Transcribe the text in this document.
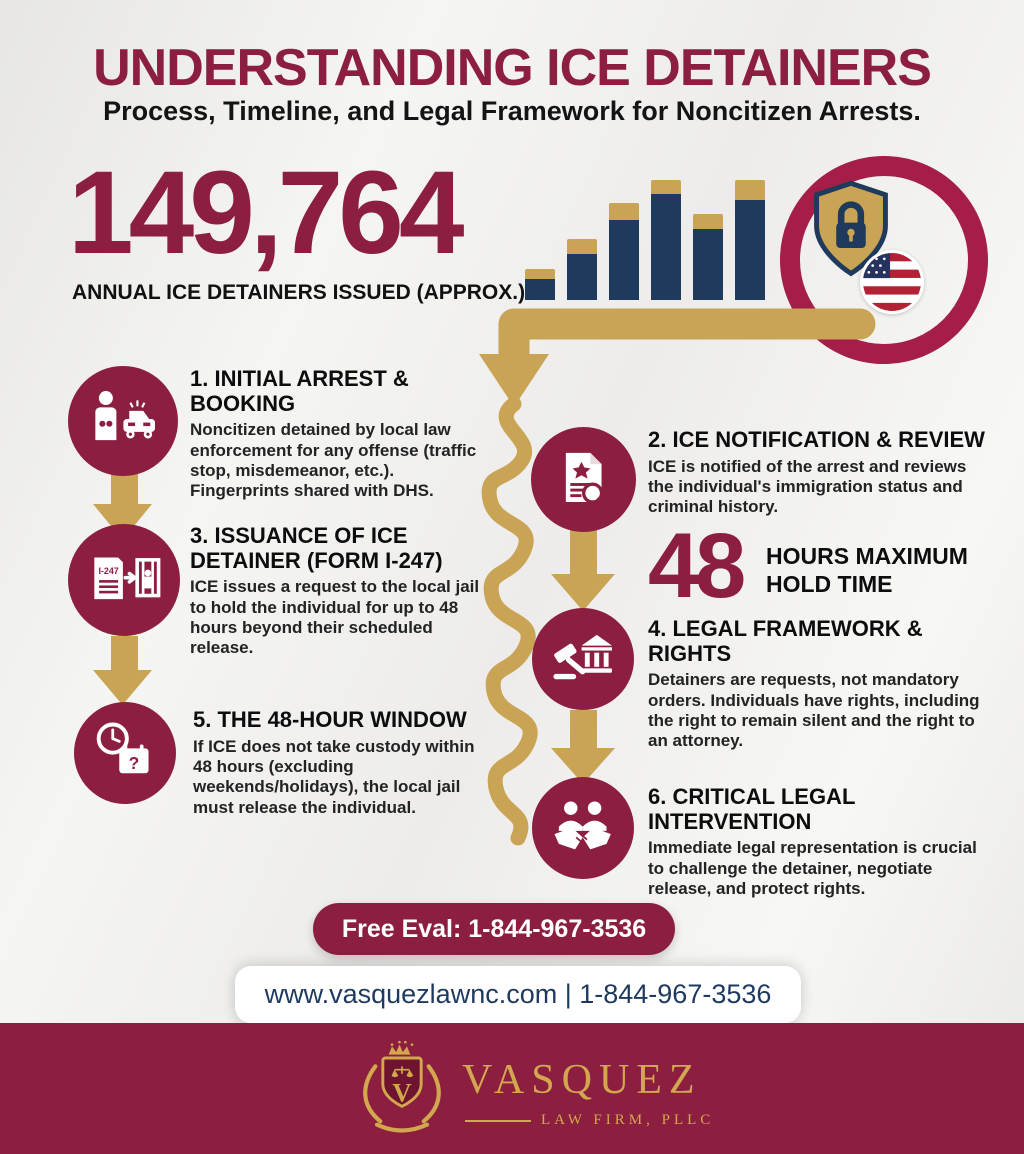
UNDERSTANDING ICE DETAINERS
Process, Timeline, and Legal Framework for Noncitizen Arrests.
149,764
ANNUAL ICE DETAINERS ISSUED (APPROX.)
I-247
?
1. INITIAL ARREST & BOOKING
Noncitizen detained by local law enforcement for any offense (traffic stop, misdemeanor, etc.). Fingerprints shared with DHS.
2. ICE NOTIFICATION & REVIEW
ICE is notified of the arrest and reviews the individual's immigration status and criminal history.
3. ISSUANCE OF ICE DETAINER (FORM I-247)
ICE issues a request to the local jail to hold the individual for up to 48 hours beyond their scheduled release.
4. LEGAL FRAMEWORK & RIGHTS
Detainers are requests, not mandatory orders. Individuals have rights, including the right to remain silent and the right to an attorney.
5. THE 48-HOUR WINDOW
If ICE does not take custody within 48 hours (excluding weekends/holidays), the local jail must release the individual.	6. CRITICAL LEGAL INTERVENTION
Immediate legal representation is crucial to challenge the detainer, negotiate release, and protect rights.
48 HOURS MAXIMUM
HOLD TIME
Free Eval: 1-844-967-3536
www.vasquezlawnc.com | 1-844-967-3536
V VASQUEZ
LAW FIRM, PLLC
